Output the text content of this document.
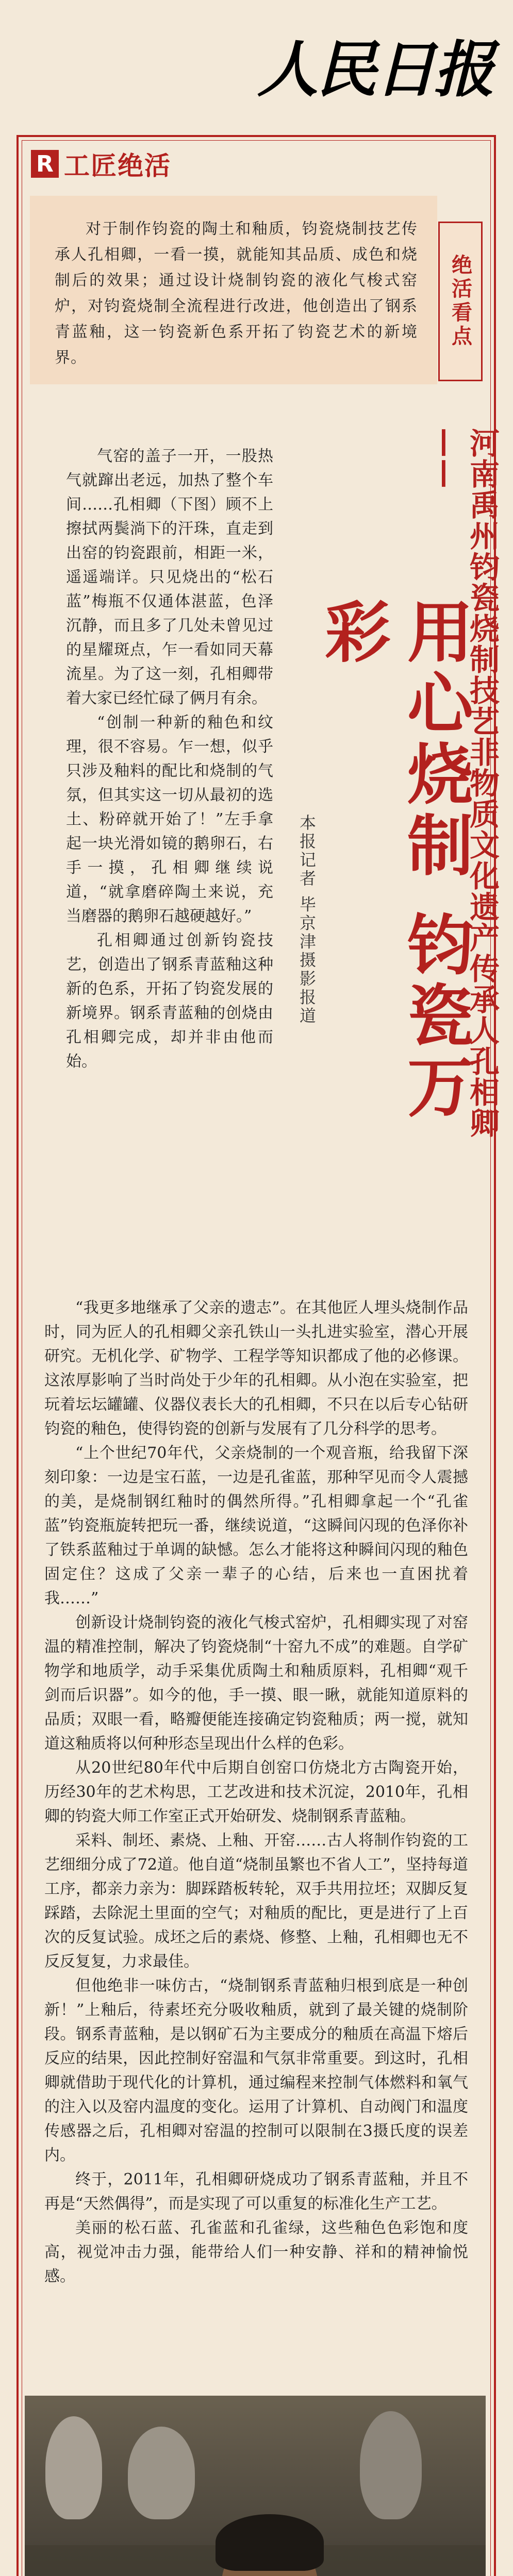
人民日报
R 工匠绝活

对于制作钧瓷的陶土和釉质，钧瓷烧制技艺传承人孔相卿，一看一摸，就能知其品质、成色和烧制后的效果；通过设计烧制钧瓷的液化气梭式窑炉，对钧瓷烧制全流程进行改进，他创造出了钢系青蓝釉，这一钧瓷新色系开拓了钧瓷艺术的新境界。

绝活看点
河南禹州钧瓷烧制技艺非物质文化遗产传承人孔相卿——
用心烧制 钧瓷万彩
本报记者 毕京津摄影报道

气窑的盖子一开，一股热气就蹿出老远，加热了整个车间……孔相卿（下图）顾不上擦拭两鬓淌下的汗珠，直走到出窑的钧瓷跟前，相距一米，遥遥端详。只见烧出的“松石蓝”梅瓶不仅通体湛蓝，色泽沉静，而且多了几处未曾见过的星耀斑点，乍一看如同天幕流星。为了这一刻，孔相卿带着大家已经忙碌了俩月有余。

“创制一种新的釉色和纹理，很不容易。乍一想，似乎只涉及釉料的配比和烧制的气氛，但其实这一切从最初的选土、粉碎就开始了！”左手拿起一块光滑如镜的鹅卵石，右手一摸，孔相卿继续说道，“就拿磨碎陶土来说，充当磨器的鹅卵石越硬越好。”

孔相卿通过创新钧瓷技艺，创造出了钢系青蓝釉这种新的色系，开拓了钧瓷发展的新境界。钢系青蓝釉的创烧由孔相卿完成，却并非由他而始。

“我更多地继承了父亲的遗志”。在其他匠人埋头烧制作品时，同为匠人的孔相卿父亲孔铁山一头扎进实验室，潜心开展研究。无机化学、矿物学、工程学等知识都成了他的必修课。这浓厚影响了当时尚处于少年的孔相卿。从小泡在实验室，把玩着坛坛罐罐、仪器仪表长大的孔相卿，不只在以后专心钻研钧瓷的釉色，使得钧瓷的创新与发展有了几分科学的思考。

“上个世纪70年代，父亲烧制的一个观音瓶，给我留下深刻印象：一边是宝石蓝，一边是孔雀蓝，那种罕见而令人震撼的美，是烧制钢红釉时的偶然所得。”孔相卿拿起一个“孔雀蓝”钧瓷瓶旋转把玩一番，继续说道，“这瞬间闪现的色泽你补了铁系蓝釉过于单调的缺憾。怎么才能将这种瞬间闪现的釉色固定住？这成了父亲一辈子的心结，后来也一直困扰着我……”

创新设计烧制钧瓷的液化气梭式窑炉，孔相卿实现了对窑温的精准控制，解决了钧瓷烧制“十窑九不成”的难题。自学矿物学和地质学，动手采集优质陶土和釉质原料，孔相卿“观千剑而后识器”。如今的他，手一摸、眼一瞅，就能知道原料的品质；双眼一看，略瓣便能连接确定钧瓷釉质；两一搅，就知道这釉质将以何种形态呈现出什么样的色彩。

从20世纪80年代中后期自创窑口仿烧北方古陶瓷开始，历经30年的艺术构思，工艺改进和技术沉淀，2010年，孔相卿的钧瓷大师工作室正式开始研发、烧制钢系青蓝釉。

采料、制坯、素烧、上釉、开窑……古人将制作钧瓷的工艺细细分成了72道。他自道“烧制虽繁也不省人工”，坚持每道工序，都亲力亲为：脚踩踏板转轮，双手共用拉坯；双脚反复踩踏，去除泥土里面的空气；对釉质的配比，更是进行了上百次的反复试验。成坯之后的素烧、修整、上釉，孔相卿也无不反反复复，力求最佳。

但他绝非一味仿古，“烧制钢系青蓝釉归根到底是一种创新！”上釉后，待素坯充分吸收釉质，就到了最关键的烧制阶段。钢系青蓝釉，是以钢矿石为主要成分的釉质在高温下熔后反应的结果，因此控制好窑温和气氛非常重要。到这时，孔相卿就借助于现代化的计算机，通过编程来控制气体燃料和氧气的注入以及窑内温度的变化。运用了计算机、自动阀门和温度传感器之后，孔相卿对窑温的控制可以限制在3摄氏度的误差内。

终于，2011年，孔相卿研烧成功了钢系青蓝釉，并且不再是“天然偶得”，而是实现了可以重复的标准化生产工艺。

美丽的松石蓝、孔雀蓝和孔雀绿，这些釉色色彩饱和度高，视觉冲击力强，能带给人们一种安静、祥和的精神愉悦感。
